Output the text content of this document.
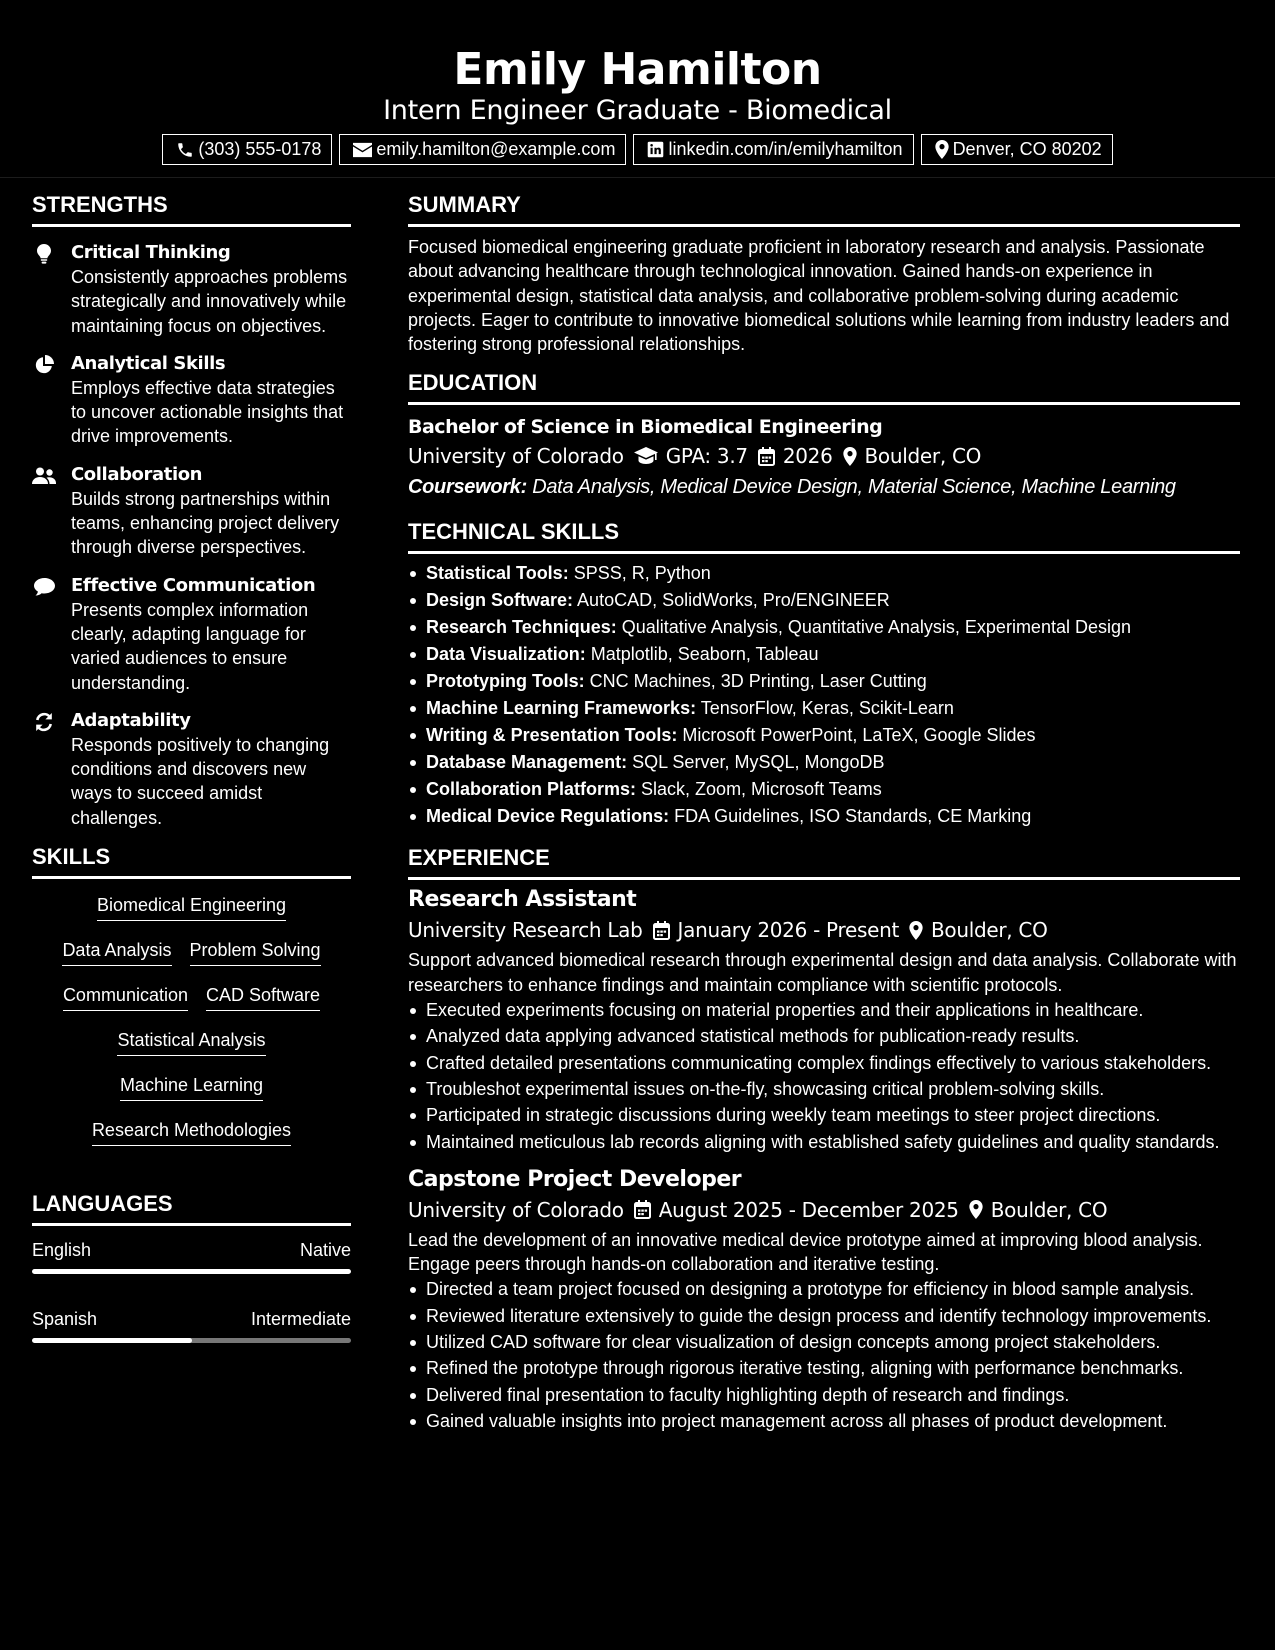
Emily Hamilton
Intern Engineer Graduate - Biomedical
(303) 555-0178	emily.hamilton@example.com	linkedin.com/in/emilyhamilton	Denver, CO 80202
STRENGTHS
Critical Thinking
Consistently approaches problems strategically and innovatively while maintaining focus on objectives.
Analytical Skills
Employs effective data strategies to uncover actionable insights that drive improvements.
Collaboration
Builds strong partnerships within teams, enhancing project delivery through diverse perspectives.
Effective Communication
Presents complex information clearly, adapting language for varied audiences to ensure understanding.
Adaptability
Responds positively to changing conditions and discovers new ways to succeed amidst challenges.
SKILLS
Biomedical Engineering
Data Analysis Problem Solving
Communication CAD Software
Statistical Analysis
Machine Learning
Research Methodologies
LANGUAGES
English	Native
Spanish	Intermediate
SUMMARY
Focused biomedical engineering graduate proficient in laboratory research and analysis. Passionate about advancing healthcare through technological innovation. Gained hands-on experience in experimental design, statistical data analysis, and collaborative problem-solving during academic projects. Eager to contribute to innovative biomedical solutions while learning from industry leaders and fostering strong professional relationships.
EDUCATION
Bachelor of Science in Biomedical Engineering
University of Colorado GPA: 3.7 2026 Boulder, CO
Coursework: Data Analysis, Medical Device Design, Material Science, Machine Learning
TECHNICAL SKILLS
Statistical Tools: SPSS, R, Python
Design Software: AutoCAD, SolidWorks, Pro/ENGINEER
Research Techniques: Qualitative Analysis, Quantitative Analysis, Experimental Design
Data Visualization: Matplotlib, Seaborn, Tableau
Prototyping Tools: CNC Machines, 3D Printing, Laser Cutting
Machine Learning Frameworks: TensorFlow, Keras, Scikit-Learn
Writing & Presentation Tools: Microsoft PowerPoint, LaTeX, Google Slides
Database Management: SQL Server, MySQL, MongoDB
Collaboration Platforms: Slack, Zoom, Microsoft Teams
Medical Device Regulations: FDA Guidelines, ISO Standards, CE Marking
EXPERIENCE
Research Assistant
University Research Lab January 2026 - Present Boulder, CO
Support advanced biomedical research through experimental design and data analysis. Collaborate with researchers to enhance findings and maintain compliance with scientific protocols.
Executed experiments focusing on material properties and their applications in healthcare.
Analyzed data applying advanced statistical methods for publication-ready results.
Crafted detailed presentations communicating complex findings effectively to various stakeholders.
Troubleshot experimental issues on-the-fly, showcasing critical problem-solving skills.
Participated in strategic discussions during weekly team meetings to steer project directions.
Maintained meticulous lab records aligning with established safety guidelines and quality standards.
Capstone Project Developer
University of Colorado August 2025 - December 2025 Boulder, CO
Lead the development of an innovative medical device prototype aimed at improving blood analysis. Engage peers through hands-on collaboration and iterative testing.
Directed a team project focused on designing a prototype for efficiency in blood sample analysis.
Reviewed literature extensively to guide the design process and identify technology improvements.
Utilized CAD software for clear visualization of design concepts among project stakeholders.
Refined the prototype through rigorous iterative testing, aligning with performance benchmarks.
Delivered final presentation to faculty highlighting depth of research and findings.
Gained valuable insights into project management across all phases of product development.
